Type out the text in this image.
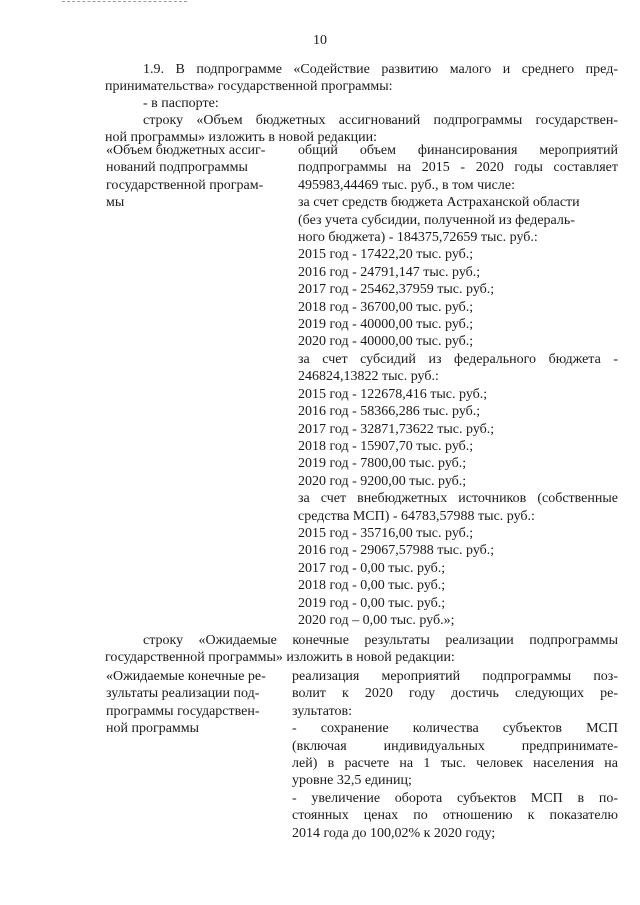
10
1.9. В подпрограмме «Содействие развитию малого и среднего пред-
принимательства» государственной программы:
- в паспорте:
строку «Объем бюджетных ассигнований подпрограммы государствен-
ной программы» изложить в новой редакции:
«Объем бюджетных ассиг-
нований подпрограммы
государственной програм-
мы
общий объем финансирования мероприятий
подпрограммы на 2015 - 2020 годы составляет
495983,44469 тыс. руб., в том числе:
за счет средств бюджета Астраханской области
(без учета субсидии, полученной из федераль-
ного бюджета) - 184375,72659 тыс. руб.:
2015 год - 17422,20 тыс. руб.;
2016 год - 24791,147 тыс. руб.;
2017 год - 25462,37959 тыс. руб.;
2018 год - 36700,00 тыс. руб.;
2019 год - 40000,00 тыс. руб.;
2020 год - 40000,00 тыс. руб.;
за счет субсидий из федерального бюджета -
246824,13822 тыс. руб.:
2015 год - 122678,416 тыс. руб.;
2016 год - 58366,286 тыс. руб.;
2017 год - 32871,73622 тыс. руб.;
2018 год - 15907,70 тыс. руб.;
2019 год - 7800,00 тыс. руб.;
2020 год - 9200,00 тыс. руб.;
за счет внебюджетных источников (собственные
средства МСП) - 64783,57988 тыс. руб.:
2015 год - 35716,00 тыс. руб.;
2016 год - 29067,57988 тыс. руб.;
2017 год - 0,00 тыс. руб.;
2018 год - 0,00 тыс. руб.;
2019 год - 0,00 тыс. руб.;
2020 год – 0,00 тыс. руб.»;
строку «Ожидаемые конечные результаты реализации подпрограммы
государственной программы» изложить в новой редакции:
«Ожидаемые конечные ре-
зультаты реализации под-
программы государствен-
ной программы
реализация мероприятий подпрограммы поз-
волит к 2020 году достичь следующих ре-
зультатов:
- сохранение количества субъектов МСП
(включая индивидуальных предпринимате-
лей) в расчете на 1 тыс. человек населения на
уровне 32,5 единиц;
- увеличение оборота субъектов МСП в по-
стоянных ценах по отношению к показателю
2014 года до 100,02% к 2020 году;
